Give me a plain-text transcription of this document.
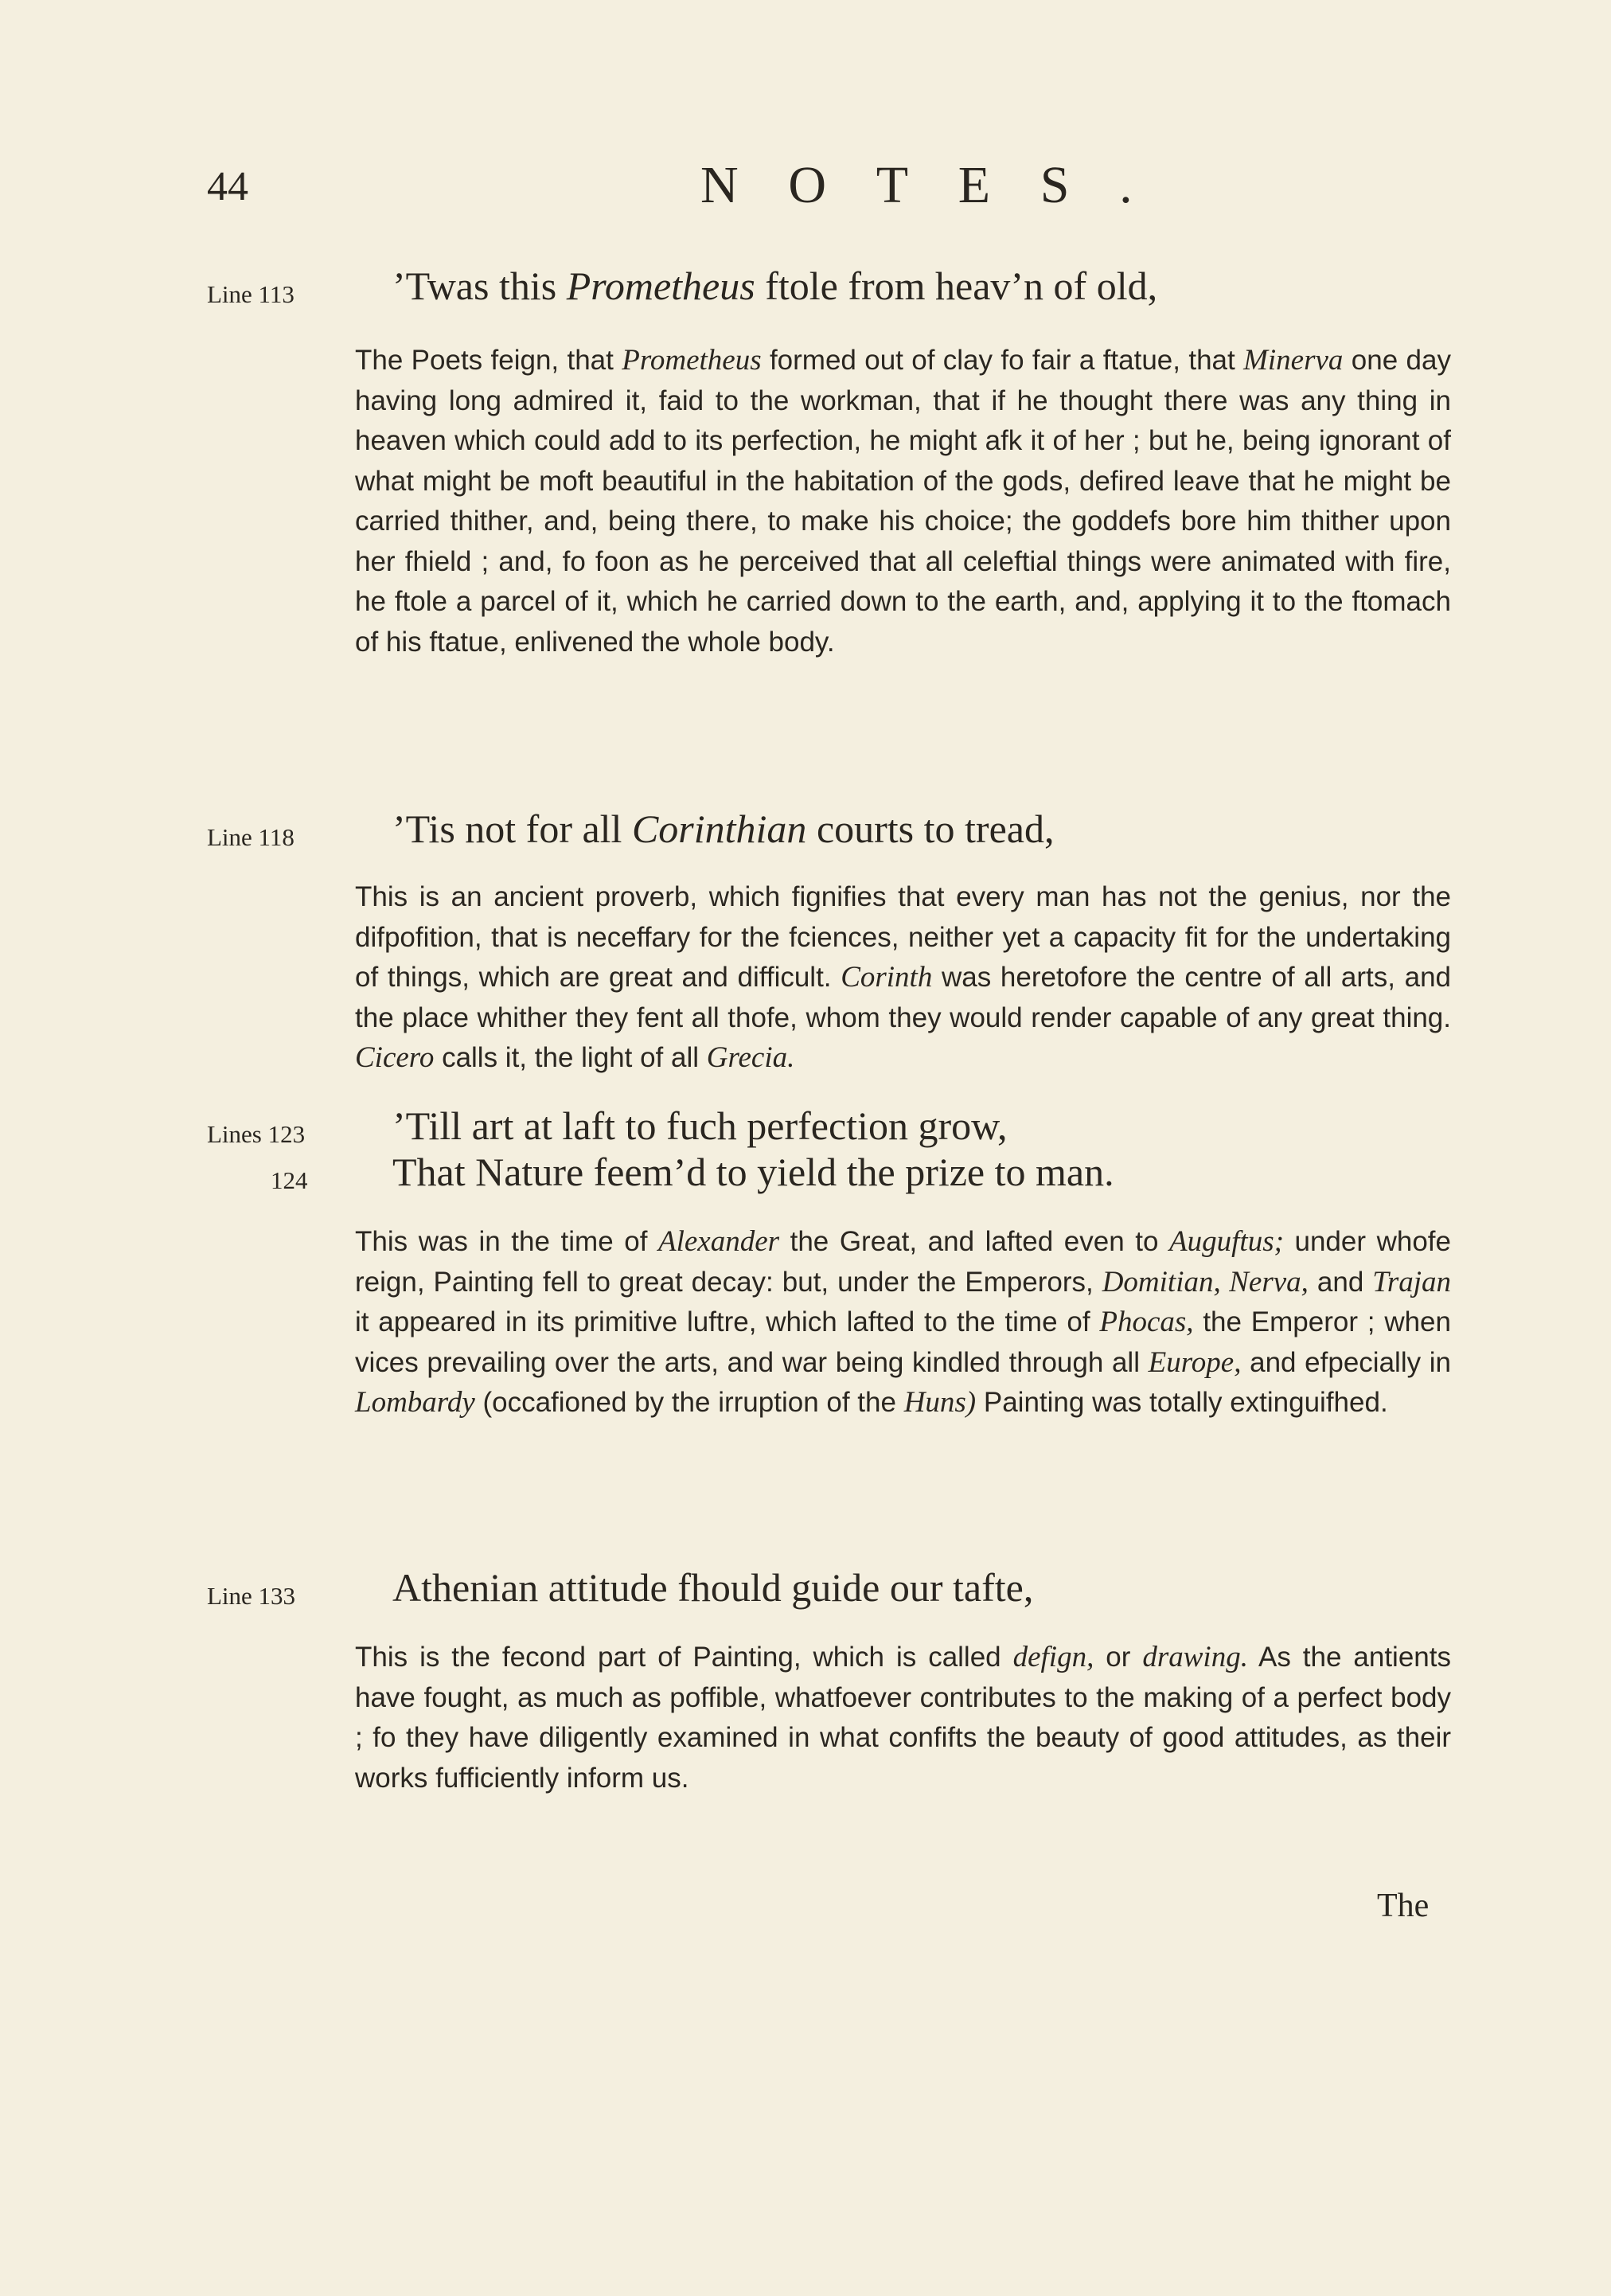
44	NOTES.
Line 113 ’Twas this Prometheus ftole from heav’n of old,
The Poets feign, that Prometheus formed out of clay fo fair a ftatue, that Minerva one day having long admired it, faid to the workman, that if he thought there was any thing in heaven which could add to its perfection, he might afk it of her ; but he, being ignorant of what might be moft beautiful in the habitation of the gods, defired leave that he might be carried thither, and, being there, to make his choice; the goddefs bore him thither upon her fhield ; and, fo foon as he perceived that all celeftial things were animated with fire, he ftole a parcel of it, which he carried down to the earth, and, applying it to the ftomach of his ftatue, enlivened the whole body.
Line 118 ’Tis not for all Corinthian courts to tread,
This is an ancient proverb, which fignifies that every man has not the genius, nor the difpofition, that is neceffary for the fciences, neither yet a capacity fit for the undertaking of things, which are great and difficult. Corinth was heretofore the centre of all arts, and the place whither they fent all thofe, whom they would render capable of any great thing. Cicero calls it, the light of all Grecia.
Lines 123
124
’Till art at laft to fuch perfection grow,
That Nature feem’d to yield the prize to man.
This was in the time of Alexander the Great, and lafted even to Auguftus; under whofe reign, Painting fell to great decay: but, under the Emperors, Domitian, Nerva, and Trajan it appeared in its primitive luftre, which lafted to the time of Phocas, the Emperor ; when vices prevailing over the arts, and war being kindled through all Europe, and efpecially in Lombardy (occafioned by the irruption of the Huns) Painting was totally extinguifhed.
Line 133 Athenian attitude fhould guide our tafte,
This is the fecond part of Painting, which is called defign, or drawing. As the antients have fought, as much as poffible, whatfoever contributes to the making of a perfect body ; fo they have diligently examined in what confifts the beauty of good attitudes, as their works fufficiently inform us.
The
